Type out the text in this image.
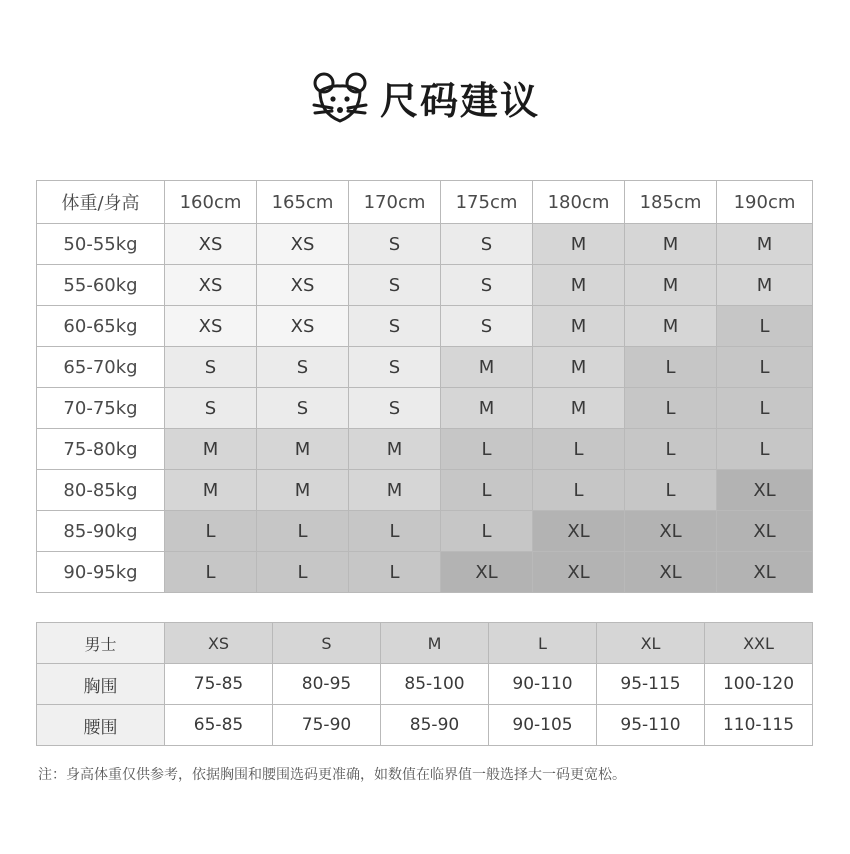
尺码建议
体重/身高	160cm	165cm	170cm	175cm	180cm	185cm	190cm
50-55kg	XS	XS	S	S	M	M	M
55-60kg	XS	XS	S	S	M	M	M
60-65kg	XS	XS	S	S	M	M	L
65-70kg	S	S	S	M	M	L	L
70-75kg	S	S	S	M	M	L	L
75-80kg	M	M	M	L	L	L	L
80-85kg	M	M	M	L	L	L	XL
85-90kg	L	L	L	L	XL	XL	XL
90-95kg	L	L	L	XL	XL	XL	XL
男士	XS	S	M	L	XL	XXL
胸围	75-85	80-95	85-100	90-110	95-115	100-120
腰围	65-85	75-90	85-90	90-105	95-110	110-115
注：身高体重仅供参考，依据胸围和腰围选码更准确，如数值在临界值一般选择大一码更宽松。
